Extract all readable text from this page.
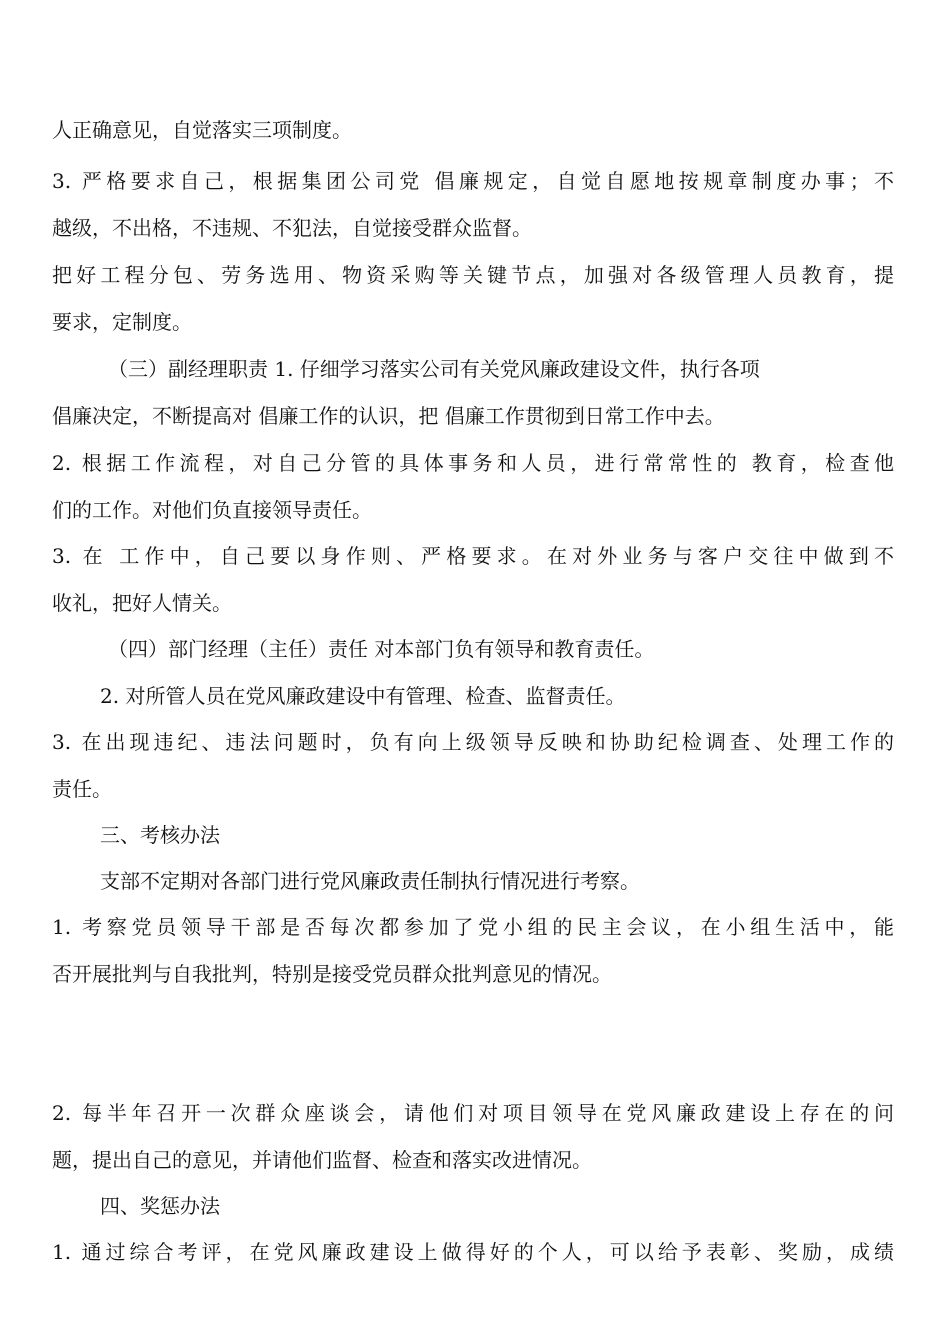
人正确意见，自觉落实三项制度。

3. 严格要求自己，根据集团公司党 倡廉规定，自觉自愿地按规章制度办事；不

越级，不出格，不违规、不犯法，自觉接受群众监督。

把好工程分包、劳务选用、物资采购等关键节点，加强对各级管理人员教育，提

要求，定制度。

（三）副经理职责 1. 仔细学习落实公司有关党风廉政建设文件，执行各项

倡廉决定，不断提高对 倡廉工作的认识，把 倡廉工作贯彻到日常工作中去。

2. 根据工作流程，对自己分管的具体事务和人员，进行常常性的 教育，检查他

们的工作。对他们负直接领导责任。

3. 在 工作中，自己要以身作则、严格要求。在对外业务与客户交往中做到不

收礼，把好人情关。

（四）部门经理（主任）责任 对本部门负有领导和教育责任。

2. 对所管人员在党风廉政建设中有管理、检查、监督责任。

3. 在出现违纪、违法问题时，负有向上级领导反映和协助纪检调查、处理工作的

责任。

三、考核办法

支部不定期对各部门进行党风廉政责任制执行情况进行考察。

1. 考察党员领导干部是否每次都参加了党小组的民主会议，在小组生活中，能

否开展批判与自我批判，特别是接受党员群众批判意见的情况。

2. 每半年召开一次群众座谈会，请他们对项目领导在党风廉政建设上存在的问

题，提出自己的意见，并请他们监督、检查和落实改进情况。

四、奖惩办法

1. 通过综合考评，在党风廉政建设上做得好的个人，可以给予表彰、奖励，成绩
